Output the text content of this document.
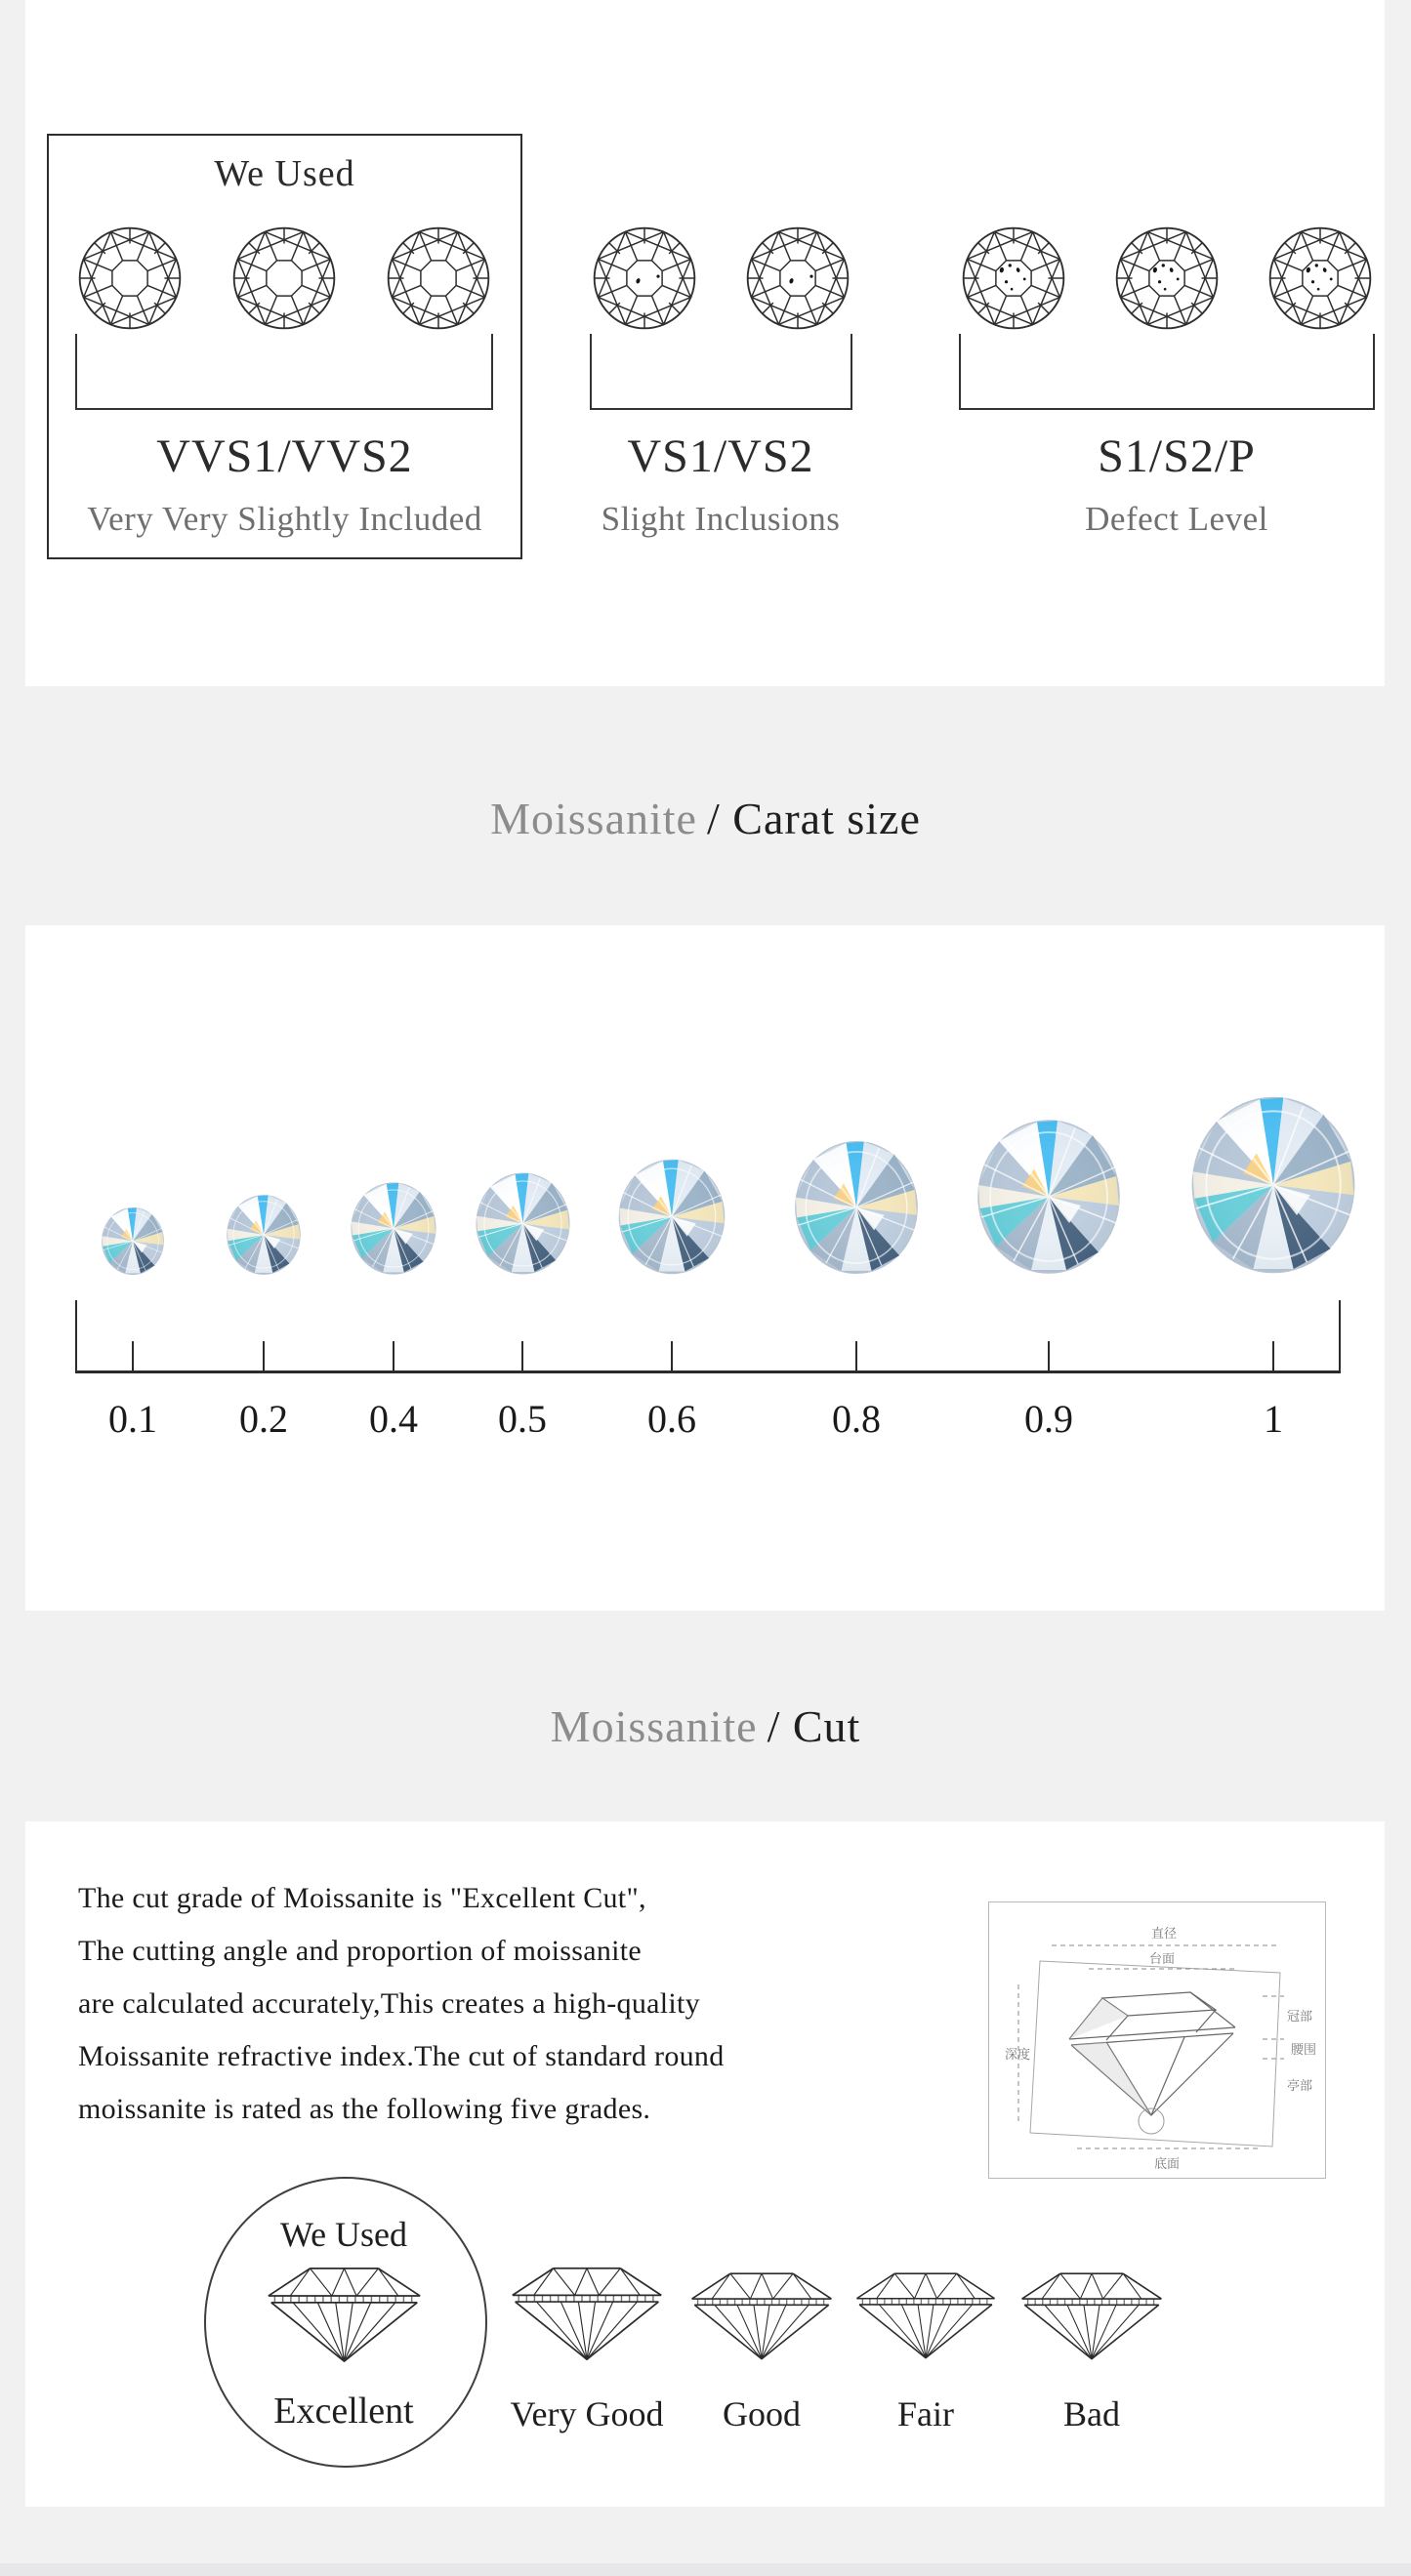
We Used
VVS1/VVS2	VS1/VS2	S1/S2/P
Very Very Slightly Included	Slight Inclusions	Defect Level
Moissanite / Carat size
0.1	0.2	0.4	0.5	0.6	0.8	0.9	1
Moissanite / Cut
The cut grade of Moissanite is "Excellent Cut",
The cutting angle and proportion of moissanite
are calculated accurately,This creates a high-quality
Moissanite refractive index.The cut of standard round
moissanite is rated as the following five grades.
直径
台面
深度
冠部
腰围
亭部
底面
We Used
Excellent	Very Good	Good	Fair	Bad
